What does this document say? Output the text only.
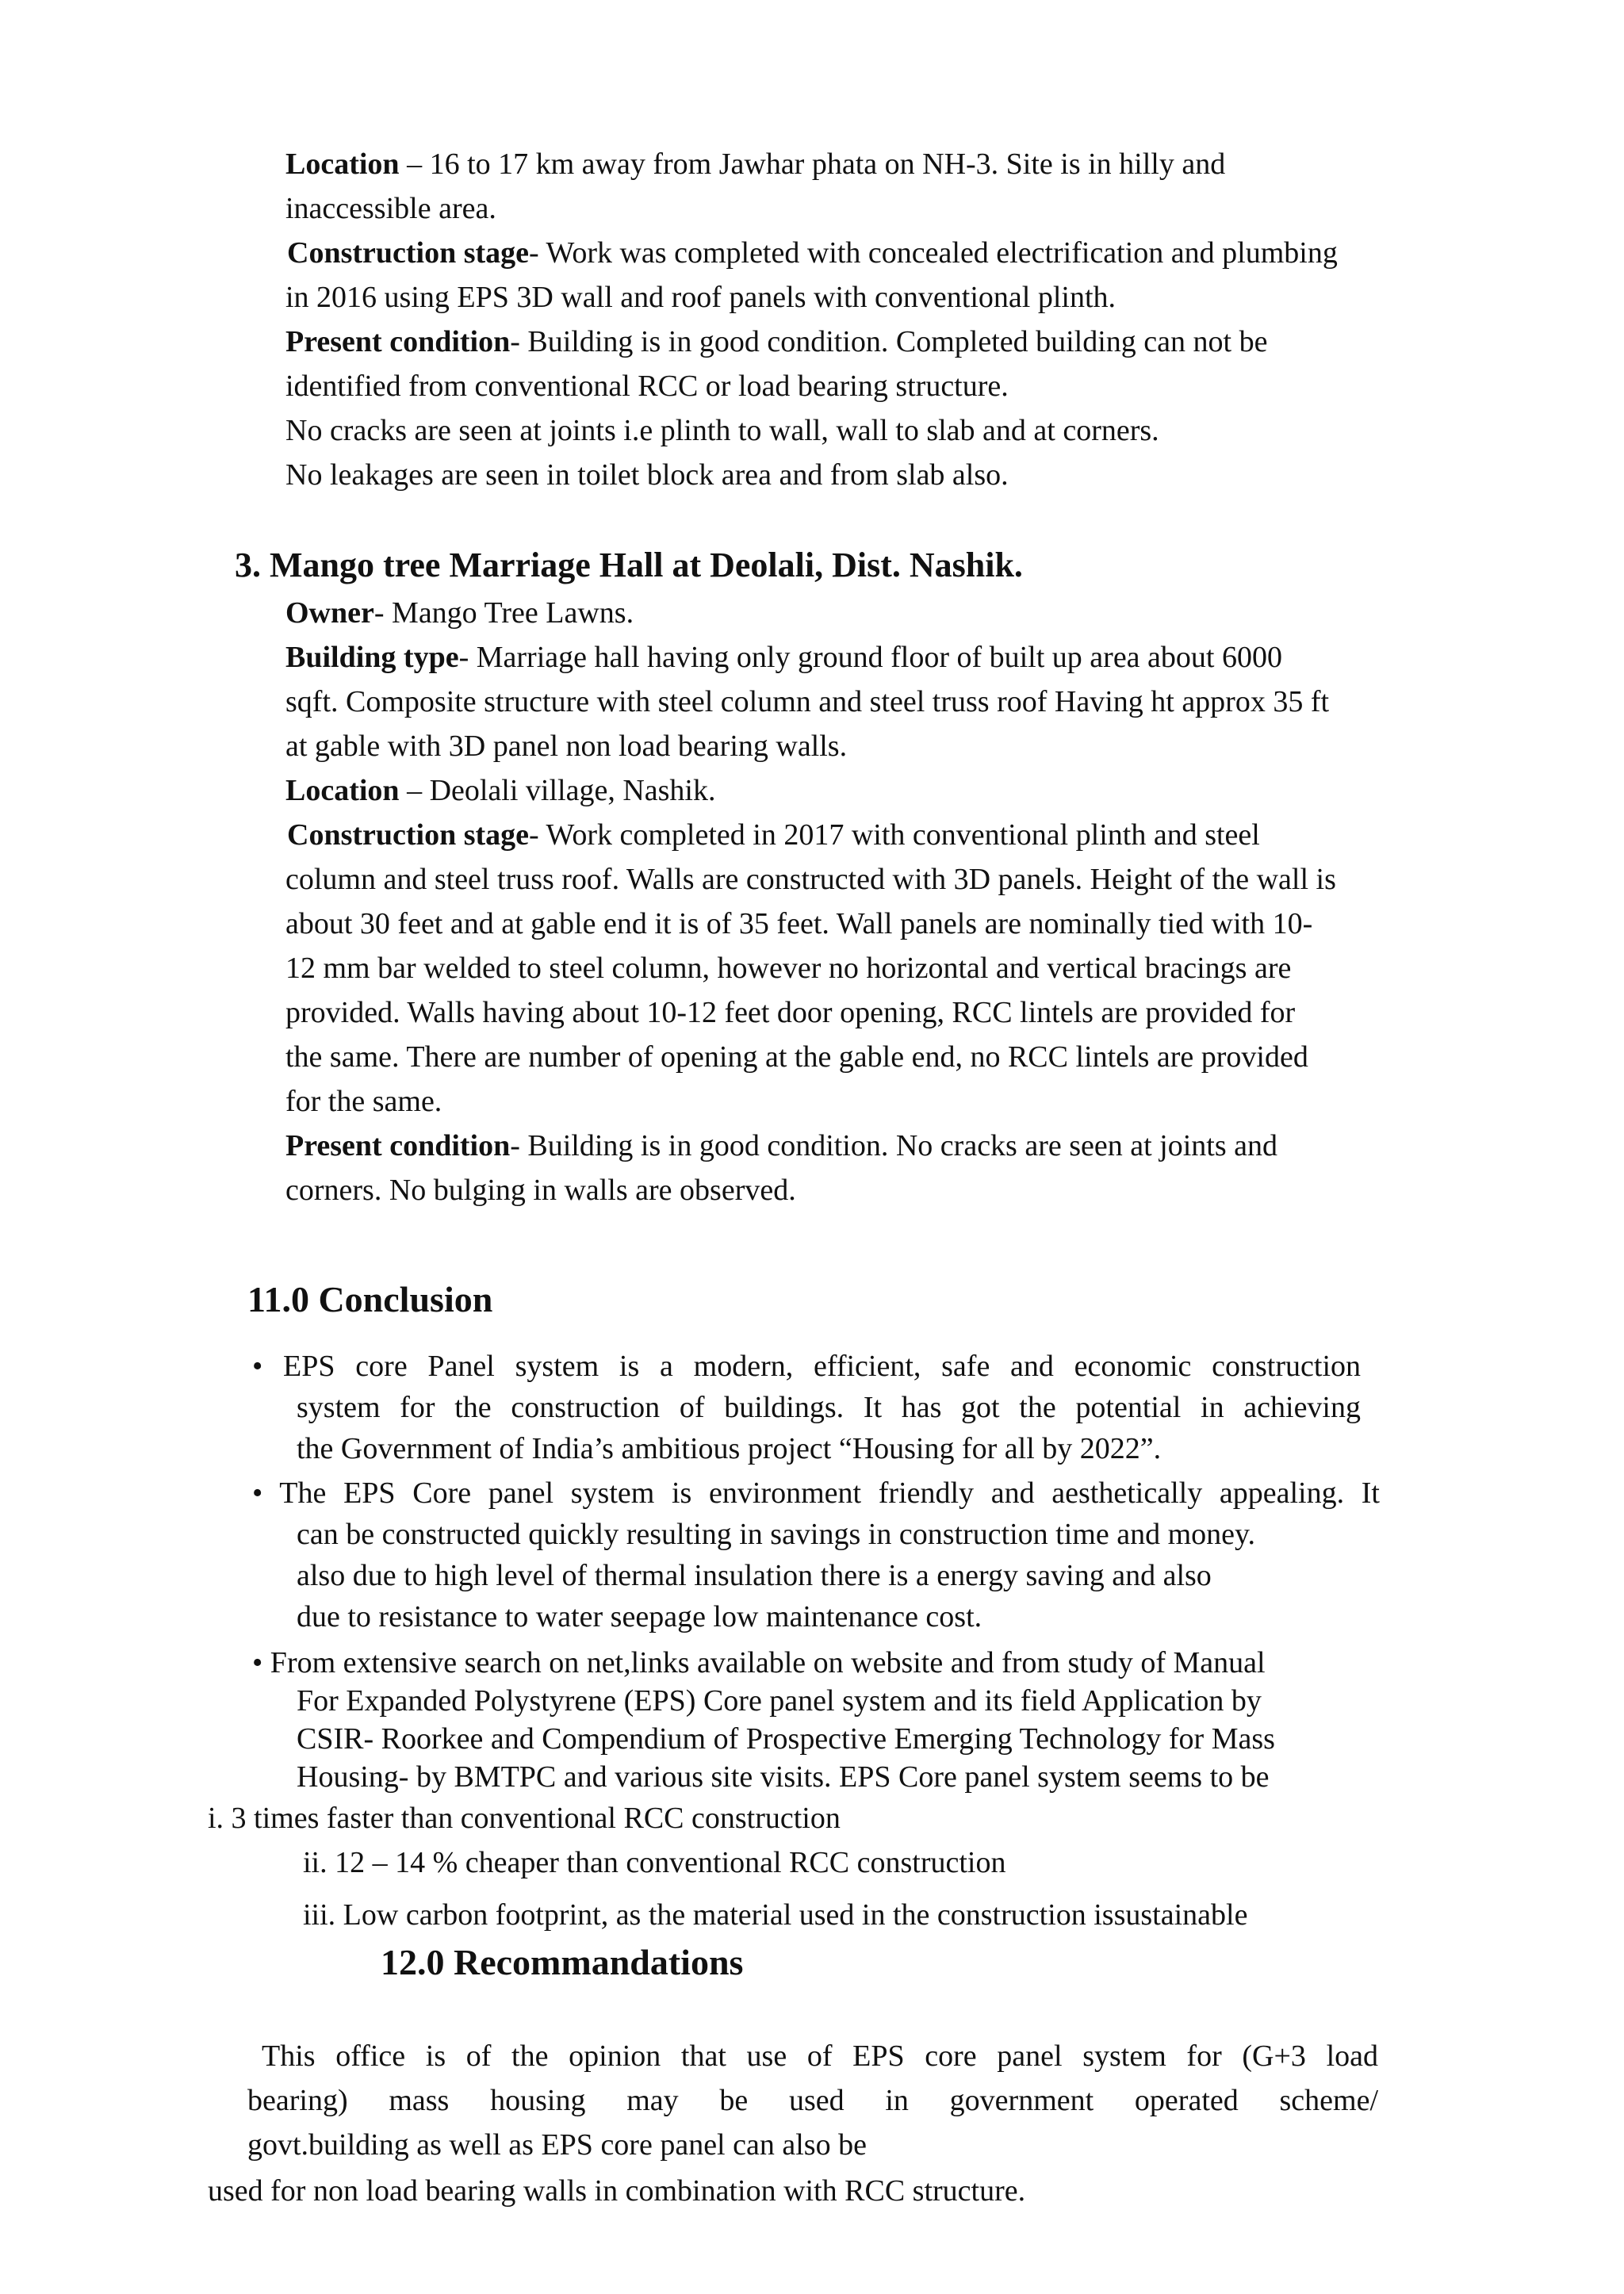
Location – 16 to 17 km away from Jawhar phata on NH-3. Site is in hilly and
inaccessible area.
Construction stage- Work was completed with concealed electrification and plumbing
in 2016 using EPS 3D wall and roof panels with conventional plinth.
Present condition- Building is in good condition. Completed building can not be
identified from conventional RCC or load bearing structure.
No cracks are seen at joints i.e plinth to wall, wall to slab and at corners.
No leakages are seen in toilet block area and from slab also.
3. Mango tree Marriage Hall at Deolali, Dist. Nashik.
Owner- Mango Tree Lawns.
Building type- Marriage hall having only ground floor of built up area about 6000
sqft. Composite structure with steel column and steel truss roof Having ht approx 35 ft
at gable with 3D panel non load bearing walls.
Location – Deolali village, Nashik.
Construction stage- Work completed in 2017 with conventional plinth and steel
column and steel truss roof. Walls are constructed with 3D panels. Height of the wall is
about 30 feet and at gable end it is of 35 feet. Wall panels are nominally tied with 10-
12 mm bar welded to steel column, however no horizontal and vertical bracings are
provided. Walls having about 10-12 feet door opening, RCC lintels are provided for
the same. There are number of opening at the gable end, no RCC lintels are provided
for the same.
Present condition- Building is in good condition. No cracks are seen at joints and
corners. No bulging in walls are observed.
11.0 Conclusion
• EPS core Panel system is a modern, efficient, safe and economic construction
system for the construction of buildings. It has got the potential in achieving
the Government of India’s ambitious project “Housing for all by 2022”.
• The EPS Core panel system is environment friendly and aesthetically appealing. It
can be constructed quickly resulting in savings in construction time and money.
also due to high level of thermal insulation there is a energy saving and also
due to resistance to water seepage low maintenance cost.
• From extensive search on net,links available on website and from study of Manual
For Expanded Polystyrene (EPS) Core panel system and its field Application by
CSIR- Roorkee and Compendium of Prospective Emerging Technology for Mass
Housing- by BMTPC and various site visits. EPS Core panel system seems to be
i. 3 times faster than conventional RCC construction
ii. 12 – 14 % cheaper than conventional RCC construction
iii. Low carbon footprint, as the material used in the construction issustainable
12.0 Recommandations
This office is of the opinion that use of EPS core panel system for (G+3 load
bearing) mass housing may be used in government operated scheme/
govt.building as well as EPS core panel can also be
used for non load bearing walls in combination with RCC structure.
